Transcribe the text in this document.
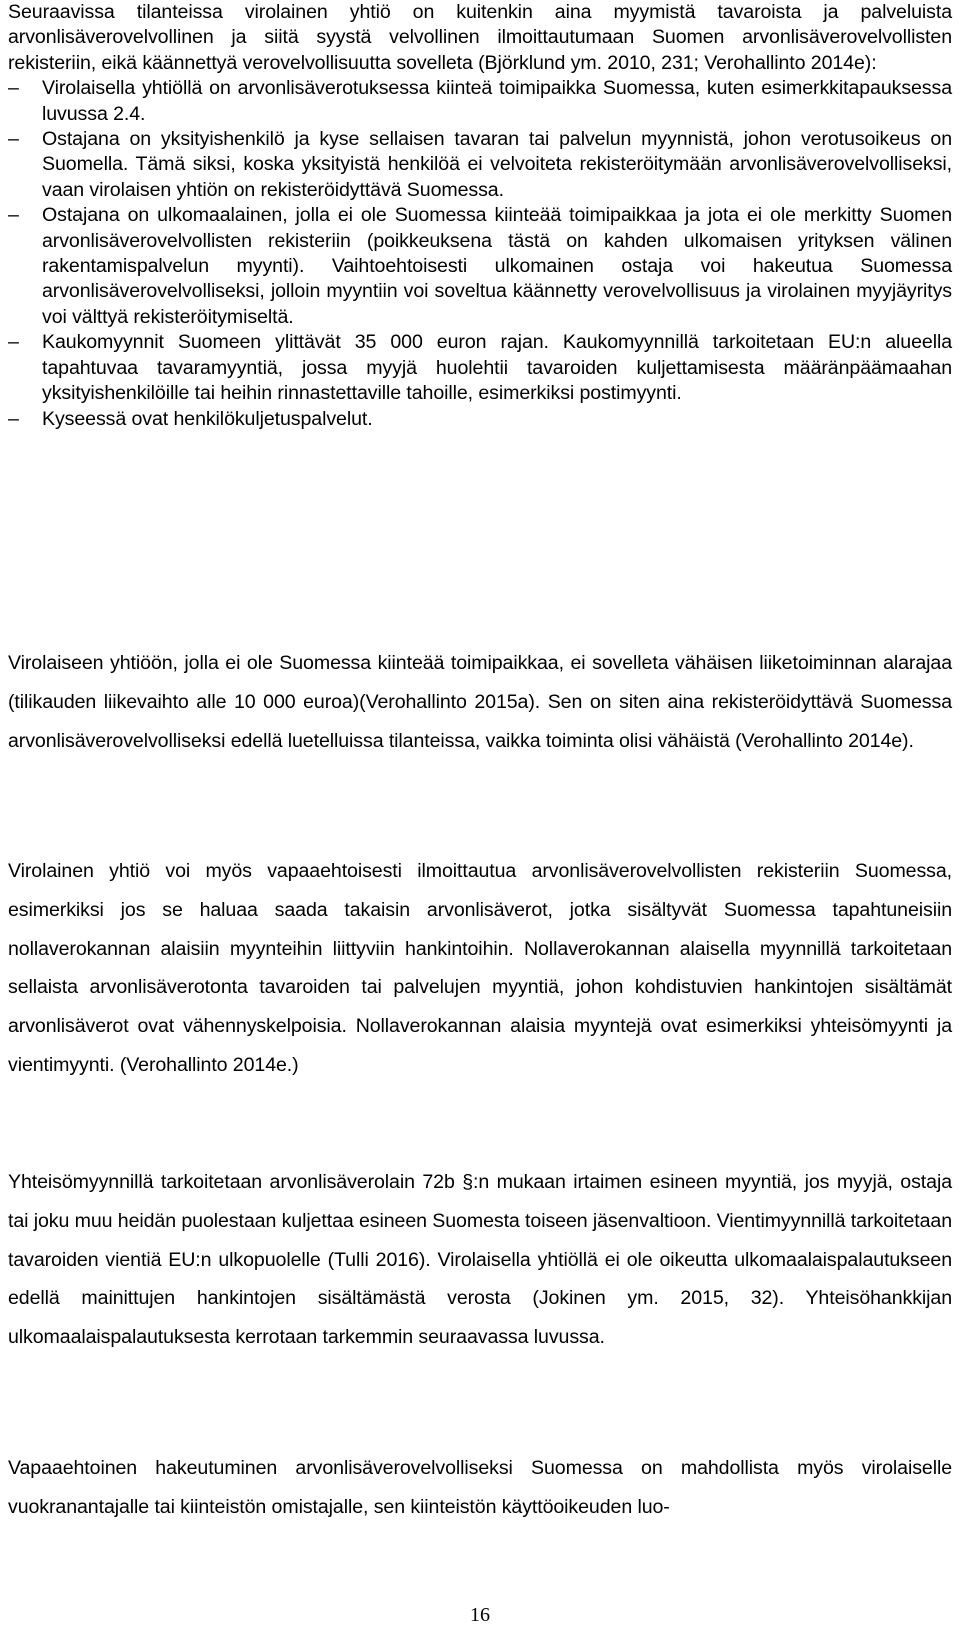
Seuraavissa tilanteissa virolainen yhtiö on kuitenkin aina myymistä tavaroista ja palveluista arvonlisäverovelvollinen ja siitä syystä velvollinen ilmoittautumaan Suomen arvonlisäverovelvollisten rekisteriin, eikä käännettyä verovelvollisuutta sovelleta (Björklund ym. 2010, 231; Verohallinto 2014e):

– Virolaisella yhtiöllä on arvonlisäverotuksessa kiinteä toimipaikka Suomessa, kuten esimerkkitapauksessa luvussa 2.4.
– Ostajana on yksityishenkilö ja kyse sellaisen tavaran tai palvelun myynnistä, johon verotusoikeus on Suomella. Tämä siksi, koska yksityistä henkilöä ei velvoiteta rekisteröitymään arvonlisäverovelvolliseksi, vaan virolaisen yhtiön on rekisteröidyttävä Suomessa.
– Ostajana on ulkomaalainen, jolla ei ole Suomessa kiinteää toimipaikkaa ja jota ei ole merkitty Suomen arvonlisäverovelvollisten rekisteriin (poikkeuksena tästä on kahden ulkomaisen yrityksen välinen rakentamispalvelun myynti). Vaihtoehtoisesti ulkomainen ostaja voi hakeutua Suomessa arvonlisäverovelvolliseksi, jolloin myyntiin voi soveltua käännetty verovelvollisuus ja virolainen myyjäyritys voi välttyä rekisteröitymiseltä.
– Kaukomyynnit Suomeen ylittävät 35 000 euron rajan. Kaukomyynnillä tarkoitetaan EU:n alueella tapahtuvaa tavaramyyntiä, jossa myyjä huolehtii tavaroiden kuljettamisesta määränpäämaahan yksityishenkilöille tai heihin rinnastettaville tahoille, esimerkiksi postimyynti.
– Kyseessä ovat henkilökuljetuspalvelut.

Virolaiseen yhtiöön, jolla ei ole Suomessa kiinteää toimipaikkaa, ei sovelleta vähäisen liiketoiminnan alarajaa (tilikauden liikevaihto alle 10 000 euroa)(Verohallinto 2015a). Sen on siten aina rekisteröidyttävä Suomessa arvonlisäverovelvolliseksi edellä luetelluissa tilanteissa, vaikka toiminta olisi vähäistä (Verohallinto 2014e).

Virolainen yhtiö voi myös vapaaehtoisesti ilmoittautua arvonlisäverovelvollisten rekisteriin Suomessa, esimerkiksi jos se haluaa saada takaisin arvonlisäverot, jotka sisältyvät Suomessa tapahtuneisiin nollaverokannan alaisiin myynteihin liittyviin hankintoihin. Nollaverokannan alaisella myynnillä tarkoitetaan sellaista arvonlisäverotonta tavaroiden tai palvelujen myyntiä, johon kohdistuvien hankintojen sisältämät arvonlisäverot ovat vähennyskelpoisia. Nollaverokannan alaisia myyntejä ovat esimerkiksi yhteisömyynti ja vientimyynti. (Verohallinto 2014e.)

Yhteisömyynnillä tarkoitetaan arvonlisäverolain 72b §:n mukaan irtaimen esineen myyntiä, jos myyjä, ostaja tai joku muu heidän puolestaan kuljettaa esineen Suomesta toiseen jäsenvaltioon. Vientimyynnillä tarkoitetaan tavaroiden vientiä EU:n ulkopuolelle (Tulli 2016). Virolaisella yhtiöllä ei ole oikeutta ulkomaalaispalautukseen edellä mainittujen hankintojen sisältämästä verosta (Jokinen ym. 2015, 32). Yhteisöhankkijan ulkomaalaispalautuksesta kerrotaan tarkemmin seuraavassa luvussa.

Vapaaehtoinen hakeutuminen arvonlisäverovelvolliseksi Suomessa on mahdollista myös virolaiselle vuokranantajalle tai kiinteistön omistajalle, sen kiinteistön käyttöoikeuden luo-

16
